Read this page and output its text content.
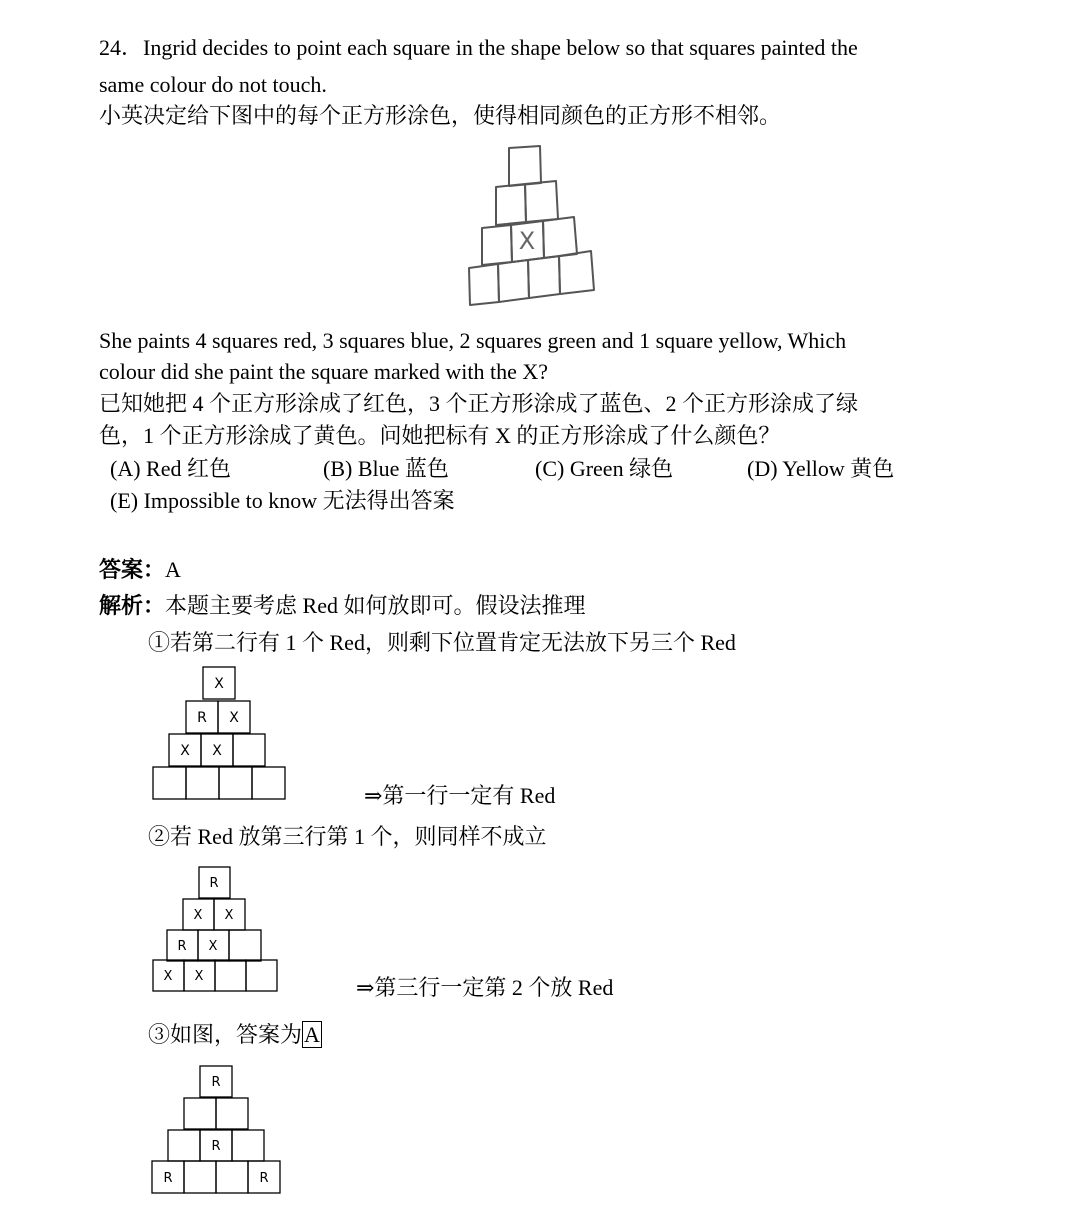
24．Ingrid decides to point each square in the shape below so that squares painted the
same colour do not touch.
小英决定给下图中的每个正方形涂色，使得相同颜色的正方形不相邻。
X
She paints 4 squares red, 3 squares blue, 2 squares green and 1 square yellow, Which
colour did she paint the square marked with the X?
已知她把 4 个正方形涂成了红色，3 个正方形涂成了蓝色、2 个正方形涂成了绿
色，1 个正方形涂成了黄色。问她把标有 X 的正方形涂成了什么颜色？
(A) Red 红色	(B) Blue 蓝色	(C) Green 绿色	(D) Yellow 黄色
(E) Impossible to know 无法得出答案
答案：A
解析：本题主要考虑 Red 如何放即可。假设法推理
①若第二行有 1 个 Red，则剩下位置肯定无法放下另三个 Red
X
R X
X X
⇒第一行一定有 Red
②若 Red 放第三行第 1 个，则同样不成立
R
X X
R X
X X	⇒第三行一定第 2 个放 Red
③如图，答案为A
R
R
R	R
